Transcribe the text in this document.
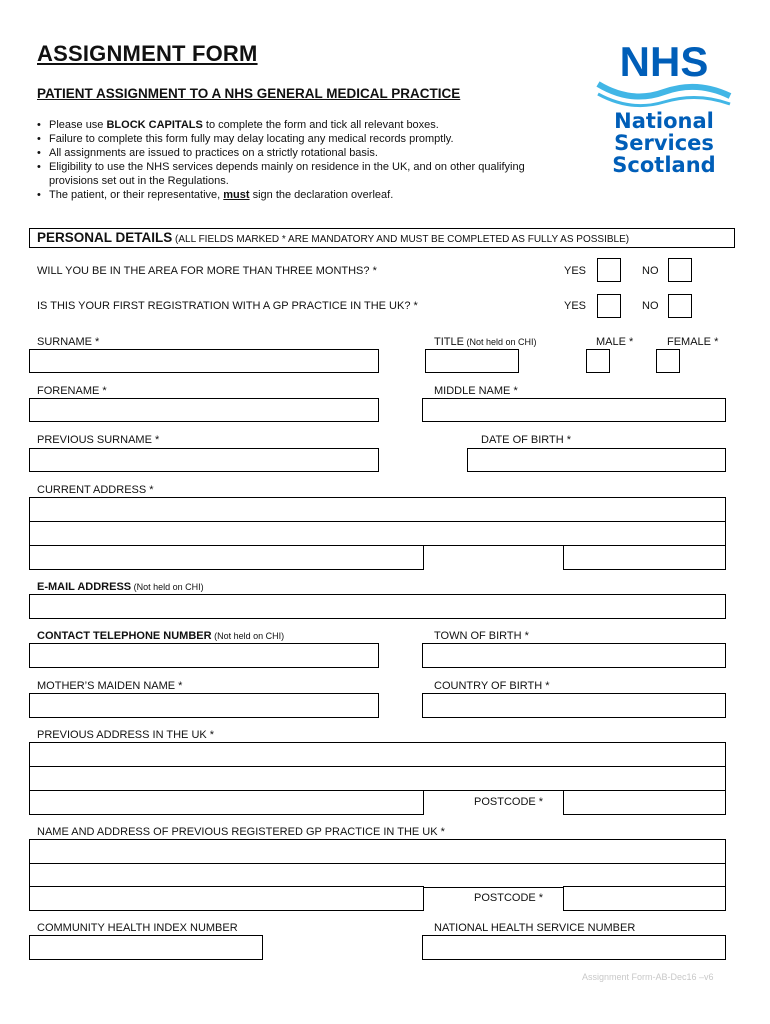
ASSIGNMENT FORM
PATIENT ASSIGNMENT TO A NHS GENERAL MEDICAL PRACTICE
• Please use BLOCK CAPITALS to complete the form and tick all relevant boxes.
• Failure to complete this form fully may delay locating any medical records promptly.
• All assignments are issued to practices on a strictly rotational basis.
• Eligibility to use the NHS services depends mainly on residence in the UK, and on other qualifying provisions set out in the Regulations.
• The patient, or their representative, must sign the declaration overleaf.
NHS
National
Services
Scotland
PERSONAL DETAILS (ALL FIELDS MARKED * ARE MANDATORY AND MUST BE COMPLETED AS FULLY AS POSSIBLE)
WILL YOU BE IN THE AREA FOR MORE THAN THREE MONTHS? *	YES	NO
IS THIS YOUR FIRST REGISTRATION WITH A GP PRACTICE IN THE UK? *	YES	NO
SURNAME *	TITLE (Not held on CHI)	MALE *	FEMALE *
FORENAME *	MIDDLE NAME *
PREVIOUS SURNAME *	DATE OF BIRTH *
CURRENT ADDRESS *
E-MAIL ADDRESS (Not held on CHI)
CONTACT TELEPHONE NUMBER (Not held on CHI)	TOWN OF BIRTH *
MOTHER’S MAIDEN NAME *	COUNTRY OF BIRTH *
PREVIOUS ADDRESS IN THE UK *
POSTCODE *
NAME AND ADDRESS OF PREVIOUS REGISTERED GP PRACTICE IN THE UK *
POSTCODE *
COMMUNITY HEALTH INDEX NUMBER	NATIONAL HEALTH SERVICE NUMBER
Assignment Form-AB-Dec16 –v6
